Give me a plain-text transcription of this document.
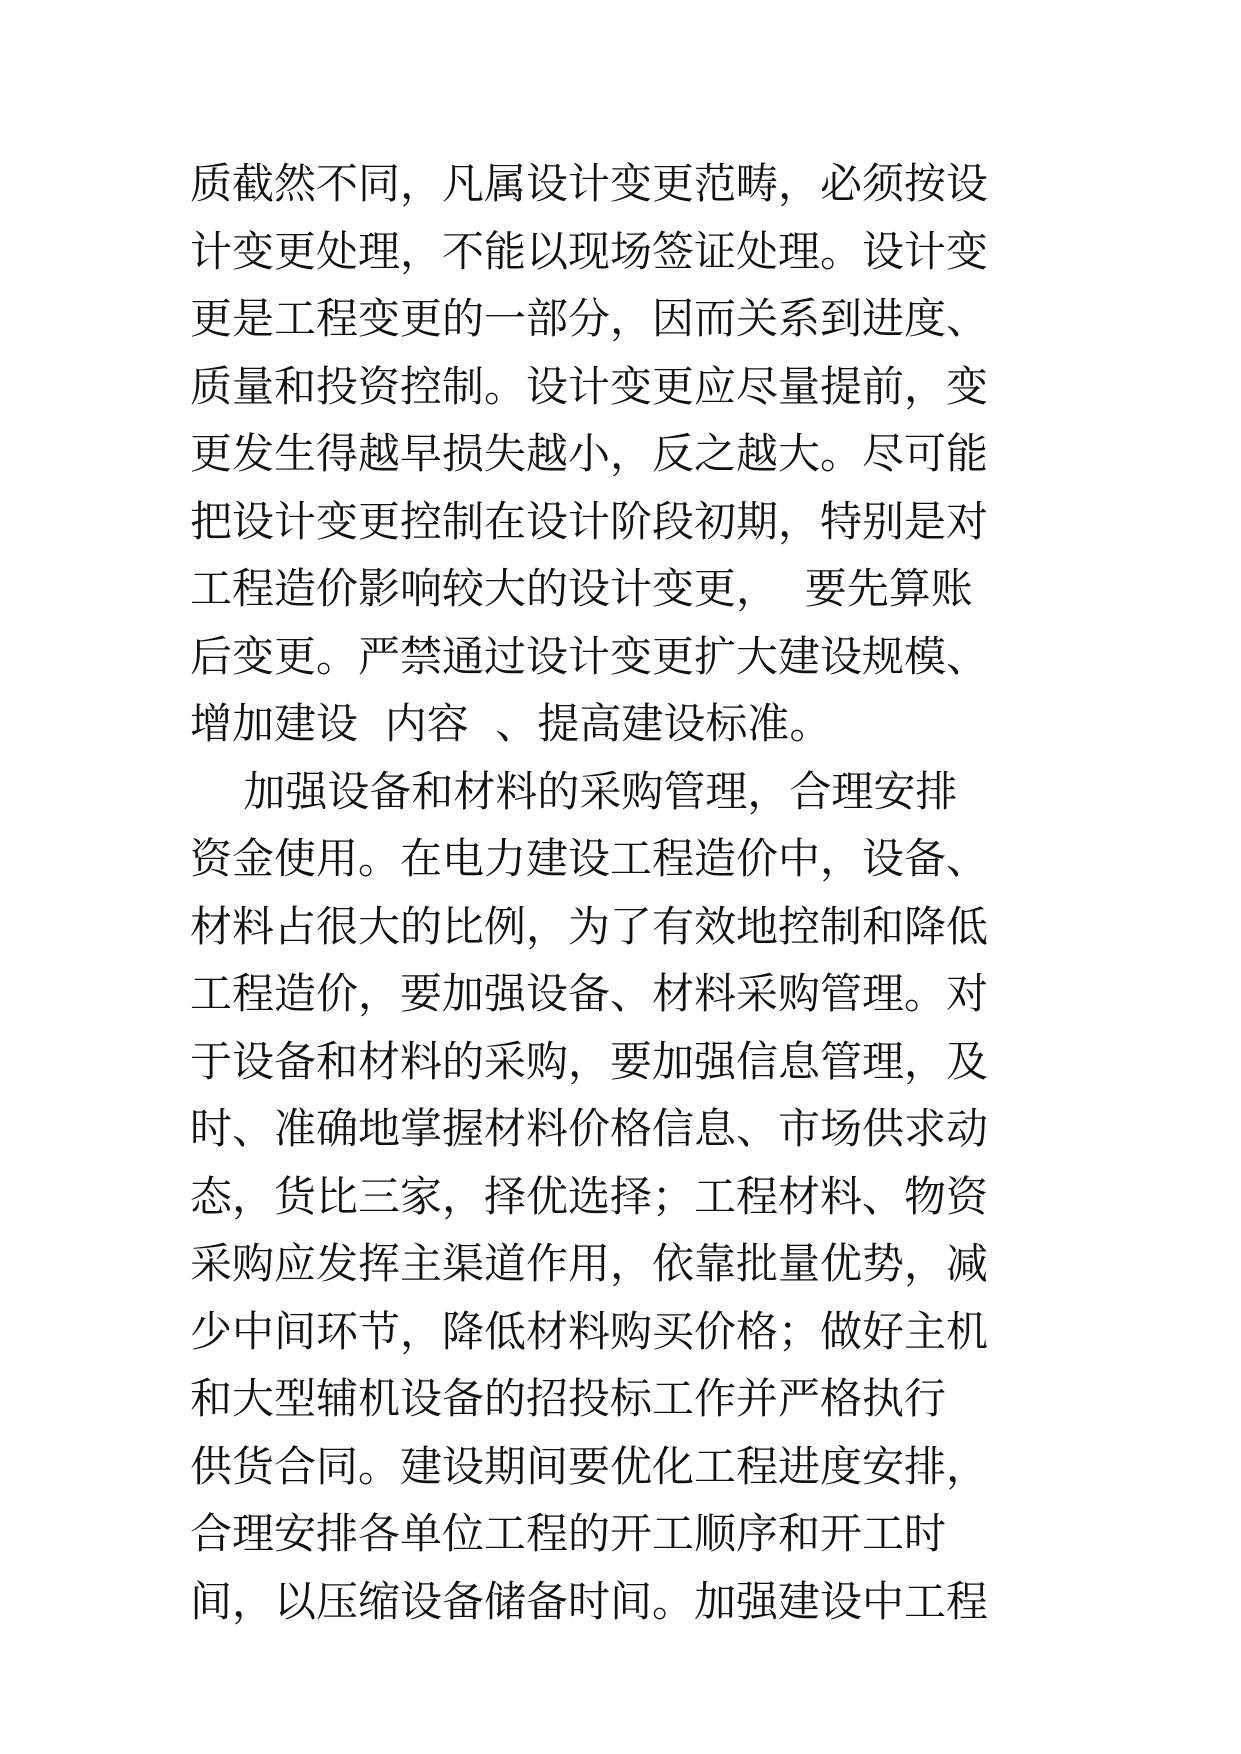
质截然不同，凡属设计变更范畴，必须按设
计变更处理，不能以现场签证处理。设计变
更是工程变更的一部分，因而关系到进度、
质量和投资控制。设计变更应尽量提前，变
更发生得越早损失越小，反之越大。尽可能
把设计变更控制在设计阶段初期，特别是对
工程造价影响较大的设计变更，  要先算账
后变更。严禁通过设计变更扩大建设规模、
增加建设  内容  、提高建设标准。
加强设备和材料的采购管理，合理安排
资金使用。在电力建设工程造价中，设备、
材料占很大的比例，为了有效地控制和降低
工程造价，要加强设备、材料采购管理。对
于设备和材料的采购，要加强信息管理，及
时、准确地掌握材料价格信息、市场供求动
态，货比三家，择优选择；工程材料、物资
采购应发挥主渠道作用，依靠批量优势，减
少中间环节，降低材料购买价格；做好主机
和大型辅机设备的招投标工作并严格执行
供货合同。建设期间要优化工程进度安排，
合理安排各单位工程的开工顺序和开工时
间，以压缩设备储备时间。加强建设中工程
